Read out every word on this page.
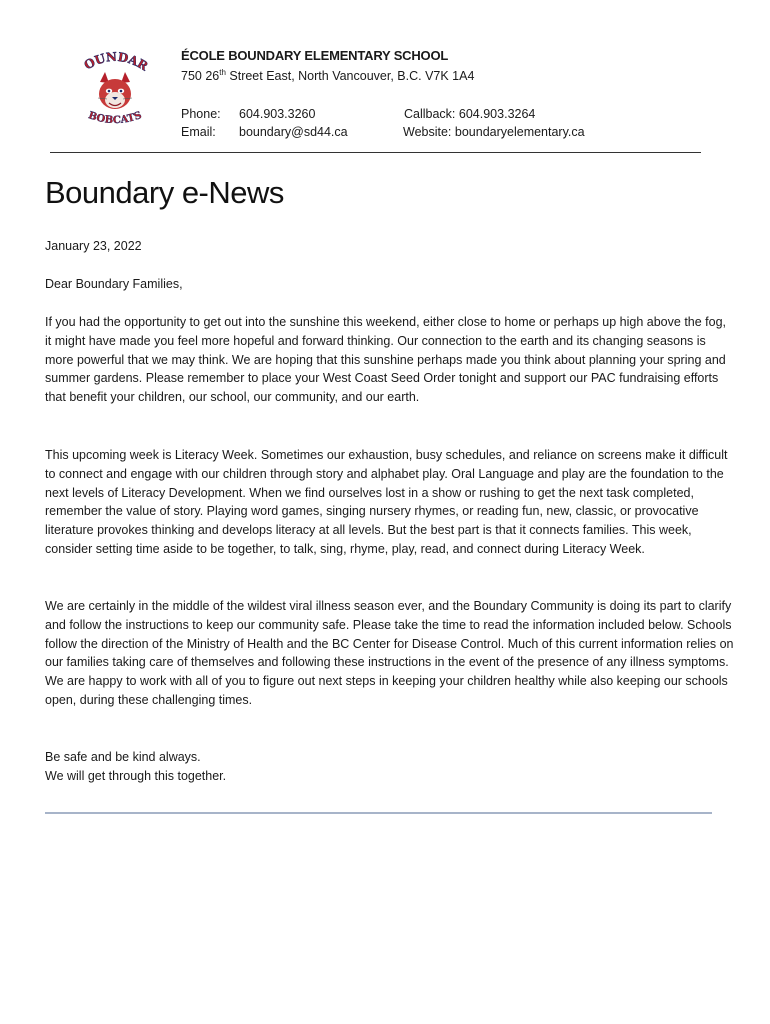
OUNDAR
BOBCATS
ÉCOLE BOUNDARY ELEMENTARY SCHOOL
750 26th Street East, North Vancouver, B.C. V7K 1A4
Phone: 604.903.3260
Email: boundary@sd44.ca
Callback: 604.903.3264
Website: boundaryelementary.ca
Boundary e-News
January 23, 2022
Dear Boundary Families,

If you had the opportunity to get out into the sunshine this weekend, either close to home or perhaps up high above the fog, it might have made you feel more hopeful and forward thinking. Our connection to the earth and its changing seasons is more powerful that we may think. We are hoping that this sunshine perhaps made you think about planning your spring and summer gardens. Please remember to place your West Coast Seed Order tonight and support our PAC fundraising efforts that benefit your children, our school, our community, and our earth.

This upcoming week is Literacy Week. Sometimes our exhaustion, busy schedules, and reliance on screens make it difficult to connect and engage with our children through story and alphabet play. Oral Language and play are the foundation to the next levels of Literacy Development. When we find ourselves lost in a show or rushing to get the next task completed, remember the value of story. Playing word games, singing nursery rhymes, or reading fun, new, classic, or provocative literature provokes thinking and develops literacy at all levels. But the best part is that it connects families. This week, consider setting time aside to be together, to talk, sing, rhyme, play, read, and connect during Literacy Week.

We are certainly in the middle of the wildest viral illness season ever, and the Boundary Community is doing its part to clarify and follow the instructions to keep our community safe. Please take the time to read the information included below. Schools follow the direction of the Ministry of Health and the BC Center for Disease Control. Much of this current information relies on our families taking care of themselves and following these instructions in the event of the presence of any illness symptoms. We are happy to work with all of you to figure out next steps in keeping your children healthy while also keeping our schools open, during these challenging times.

Be safe and be kind always.
We will get through this together.
